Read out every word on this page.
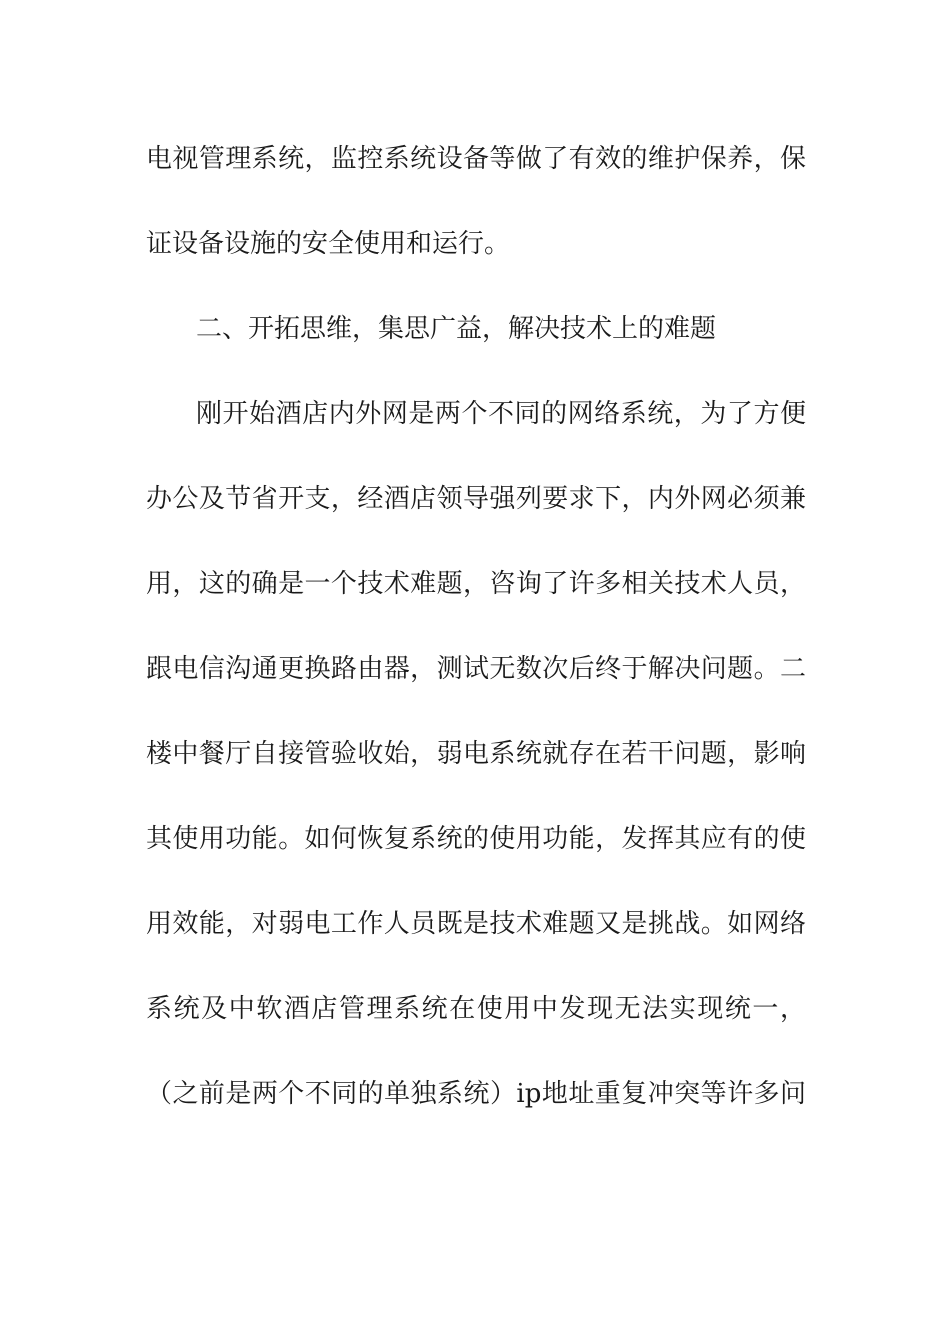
电视管理系统，监控系统设备等做了有效的维护保养，保
证设备设施的安全使用和运行。
二、开拓思维，集思广益，解决技术上的难题
刚开始酒店内外网是两个不同的网络系统，为了方便
办公及节省开支，经酒店领导强列要求下，内外网必须兼
用，这的确是一个技术难题，咨询了许多相关技术人员，
跟电信沟通更换路由器，测试无数次后终于解决问题。二
楼中餐厅自接管验收始，弱电系统就存在若干问题，影响
其使用功能。如何恢复系统的使用功能，发挥其应有的使
用效能，对弱电工作人员既是技术难题又是挑战。如网络
系统及中软酒店管理系统在使用中发现无法实现统一，
（之前是两个不同的单独系统）ip地址重复冲突等许多问
